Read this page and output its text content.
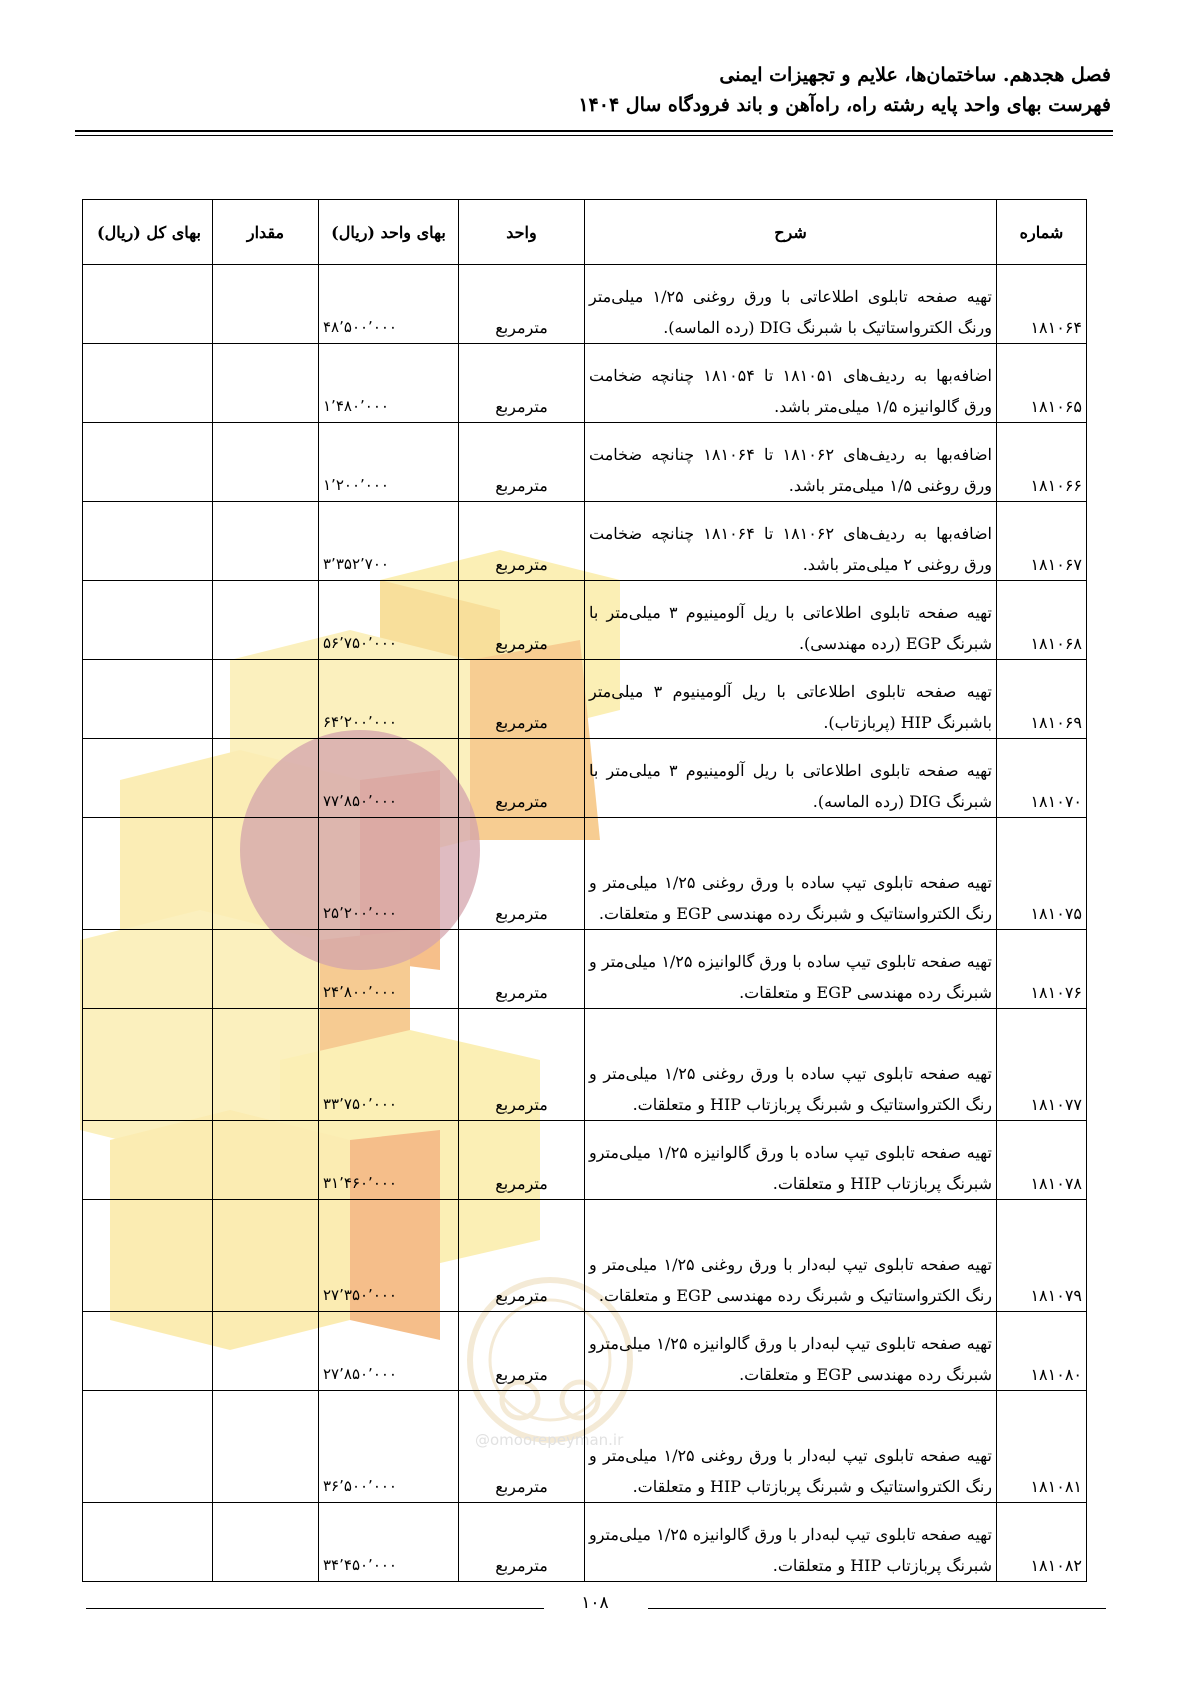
فصل هجدهم. ساختمان‌ها، علایم و تجهیزات ایمنی
فهرست بهای واحد پایه رشته راه، راه‌آهن و باند فرودگاه سال ۱۴۰۴
@omoorepeyman.ir
شماره	شرح	واحد	بهای واحد (ریال)	مقدار	بهای کل (ریال)
۱۸۱۰۶۴	تهیه صفحه تابلوی اطلاعاتی با ورق روغنی ۱/۲۵ میلی‌متر ورنگ الکترواستاتیک با شبرنگ DIG (رده الماسه).	مترمربع	۴۸٬۵۰۰٬۰۰۰		
۱۸۱۰۶۵	اضافه‌بها به ردیف‌های ۱۸۱۰۵۱ تا ۱۸۱۰۵۴ چنانچه ضخامت ورق گالوانیزه ۱/۵ میلی‌متر باشد.	مترمربع	۱٬۴۸۰٬۰۰۰		
۱۸۱۰۶۶	اضافه‌بها به ردیف‌های ۱۸۱۰۶۲ تا ۱۸۱۰۶۴ چنانچه ضخامت ورق روغنی ۱/۵ میلی‌متر باشد.	مترمربع	۱٬۲۰۰٬۰۰۰		
۱۸۱۰۶۷	اضافه‌بها به ردیف‌های ۱۸۱۰۶۲ تا ۱۸۱۰۶۴ چنانچه ضخامت ورق روغنی ۲ میلی‌متر باشد.	مترمربع	۳٬۳۵۲٬۷۰۰		
۱۸۱۰۶۸	تهیه صفحه تابلوی اطلاعاتی با ریل آلومینیوم ۳ میلی‌متر با شبرنگ EGP (رده مهندسی).	مترمربع	۵۶٬۷۵۰٬۰۰۰		
۱۸۱۰۶۹	تهیه صفحه تابلوی اطلاعاتی با ریل آلومینیوم ۳ میلی‌متر باشبرنگ HIP (پربازتاب).	مترمربع	۶۴٬۲۰۰٬۰۰۰		
۱۸۱۰۷۰	تهیه صفحه تابلوی اطلاعاتی با ریل آلومینیوم ۳ میلی‌متر با شبرنگ DIG (رده الماسه).	مترمربع	۷۷٬۸۵۰٬۰۰۰		
۱۸۱۰۷۵	تهیه صفحه تابلوی تیپ ساده با ورق روغنی ۱/۲۵ میلی‌متر و رنگ الکترواستاتیک و شبرنگ رده مهندسی EGP و متعلقات.	مترمربع	۲۵٬۲۰۰٬۰۰۰		
۱۸۱۰۷۶	تهیه صفحه تابلوی تیپ ساده با ورق گالوانیزه ۱/۲۵ میلی‌متر و شبرنگ رده مهندسی EGP و متعلقات.	مترمربع	۲۴٬۸۰۰٬۰۰۰		
۱۸۱۰۷۷	تهیه صفحه تابلوی تیپ ساده با ورق روغنی ۱/۲۵ میلی‌متر و رنگ الکترواستاتیک و شبرنگ پربازتاب HIP و متعلقات.	مترمربع	۳۳٬۷۵۰٬۰۰۰		
۱۸۱۰۷۸	تهیه صفحه تابلوی تیپ ساده با ورق گالوانیزه ۱/۲۵ میلی‌مترو شبرنگ پربازتاب HIP و متعلقات.	مترمربع	۳۱٬۴۶۰٬۰۰۰		
۱۸۱۰۷۹	تهیه صفحه تابلوی تیپ لبه‌دار با ورق روغنی ۱/۲۵ میلی‌متر و رنگ الکترواستاتیک و شبرنگ رده مهندسی EGP و متعلقات.	مترمربع	۲۷٬۳۵۰٬۰۰۰		
۱۸۱۰۸۰	تهیه صفحه تابلوی تیپ لبه‌دار با ورق گالوانیزه ۱/۲۵ میلی‌مترو شبرنگ رده مهندسی EGP و متعلقات.	مترمربع	۲۷٬۸۵۰٬۰۰۰		
۱۸۱۰۸۱	تهیه صفحه تابلوی تیپ لبه‌دار با ورق روغنی ۱/۲۵ میلی‌متر و رنگ الکترواستاتیک و شبرنگ پربازتاب HIP و متعلقات.	مترمربع	۳۶٬۵۰۰٬۰۰۰		
۱۸۱۰۸۲	تهیه صفحه تابلوی تیپ لبه‌دار با ورق گالوانیزه ۱/۲۵ میلی‌مترو شبرنگ پربازتاب HIP و متعلقات.	مترمربع	۳۴٬۴۵۰٬۰۰۰		
۱۰۸
